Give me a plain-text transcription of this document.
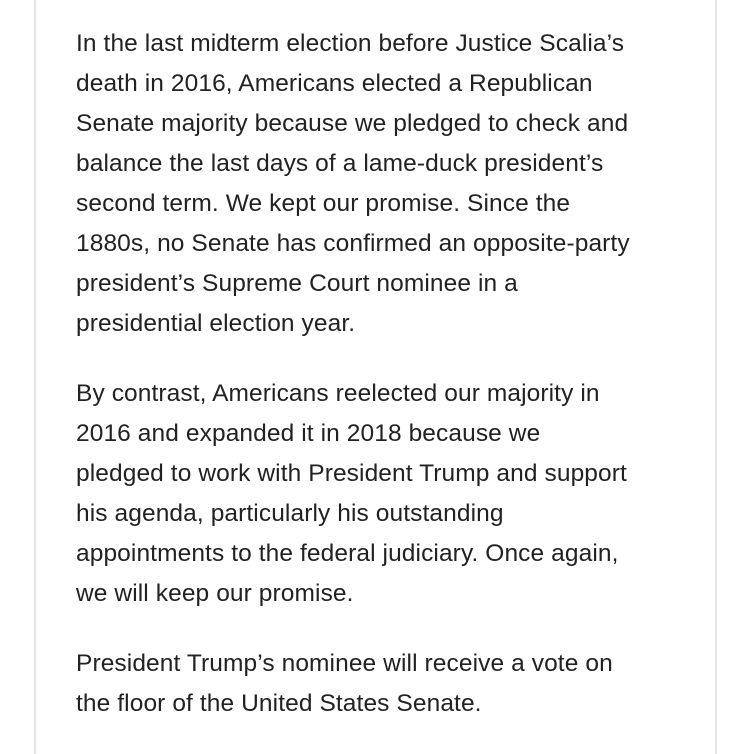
In the last midterm election before Justice Scalia’s
death in 2016, Americans elected a Republican
Senate majority because we pledged to check and
balance the last days of a lame-duck president’s
second term. We kept our promise. Since the
1880s, no Senate has confirmed an opposite-party
president’s Supreme Court nominee in a
presidential election year.

By contrast, Americans reelected our majority in
2016 and expanded it in 2018 because we
pledged to work with President Trump and support
his agenda, particularly his outstanding
appointments to the federal judiciary. Once again,
we will keep our promise.

President Trump’s nominee will receive a vote on
the floor of the United States Senate.
